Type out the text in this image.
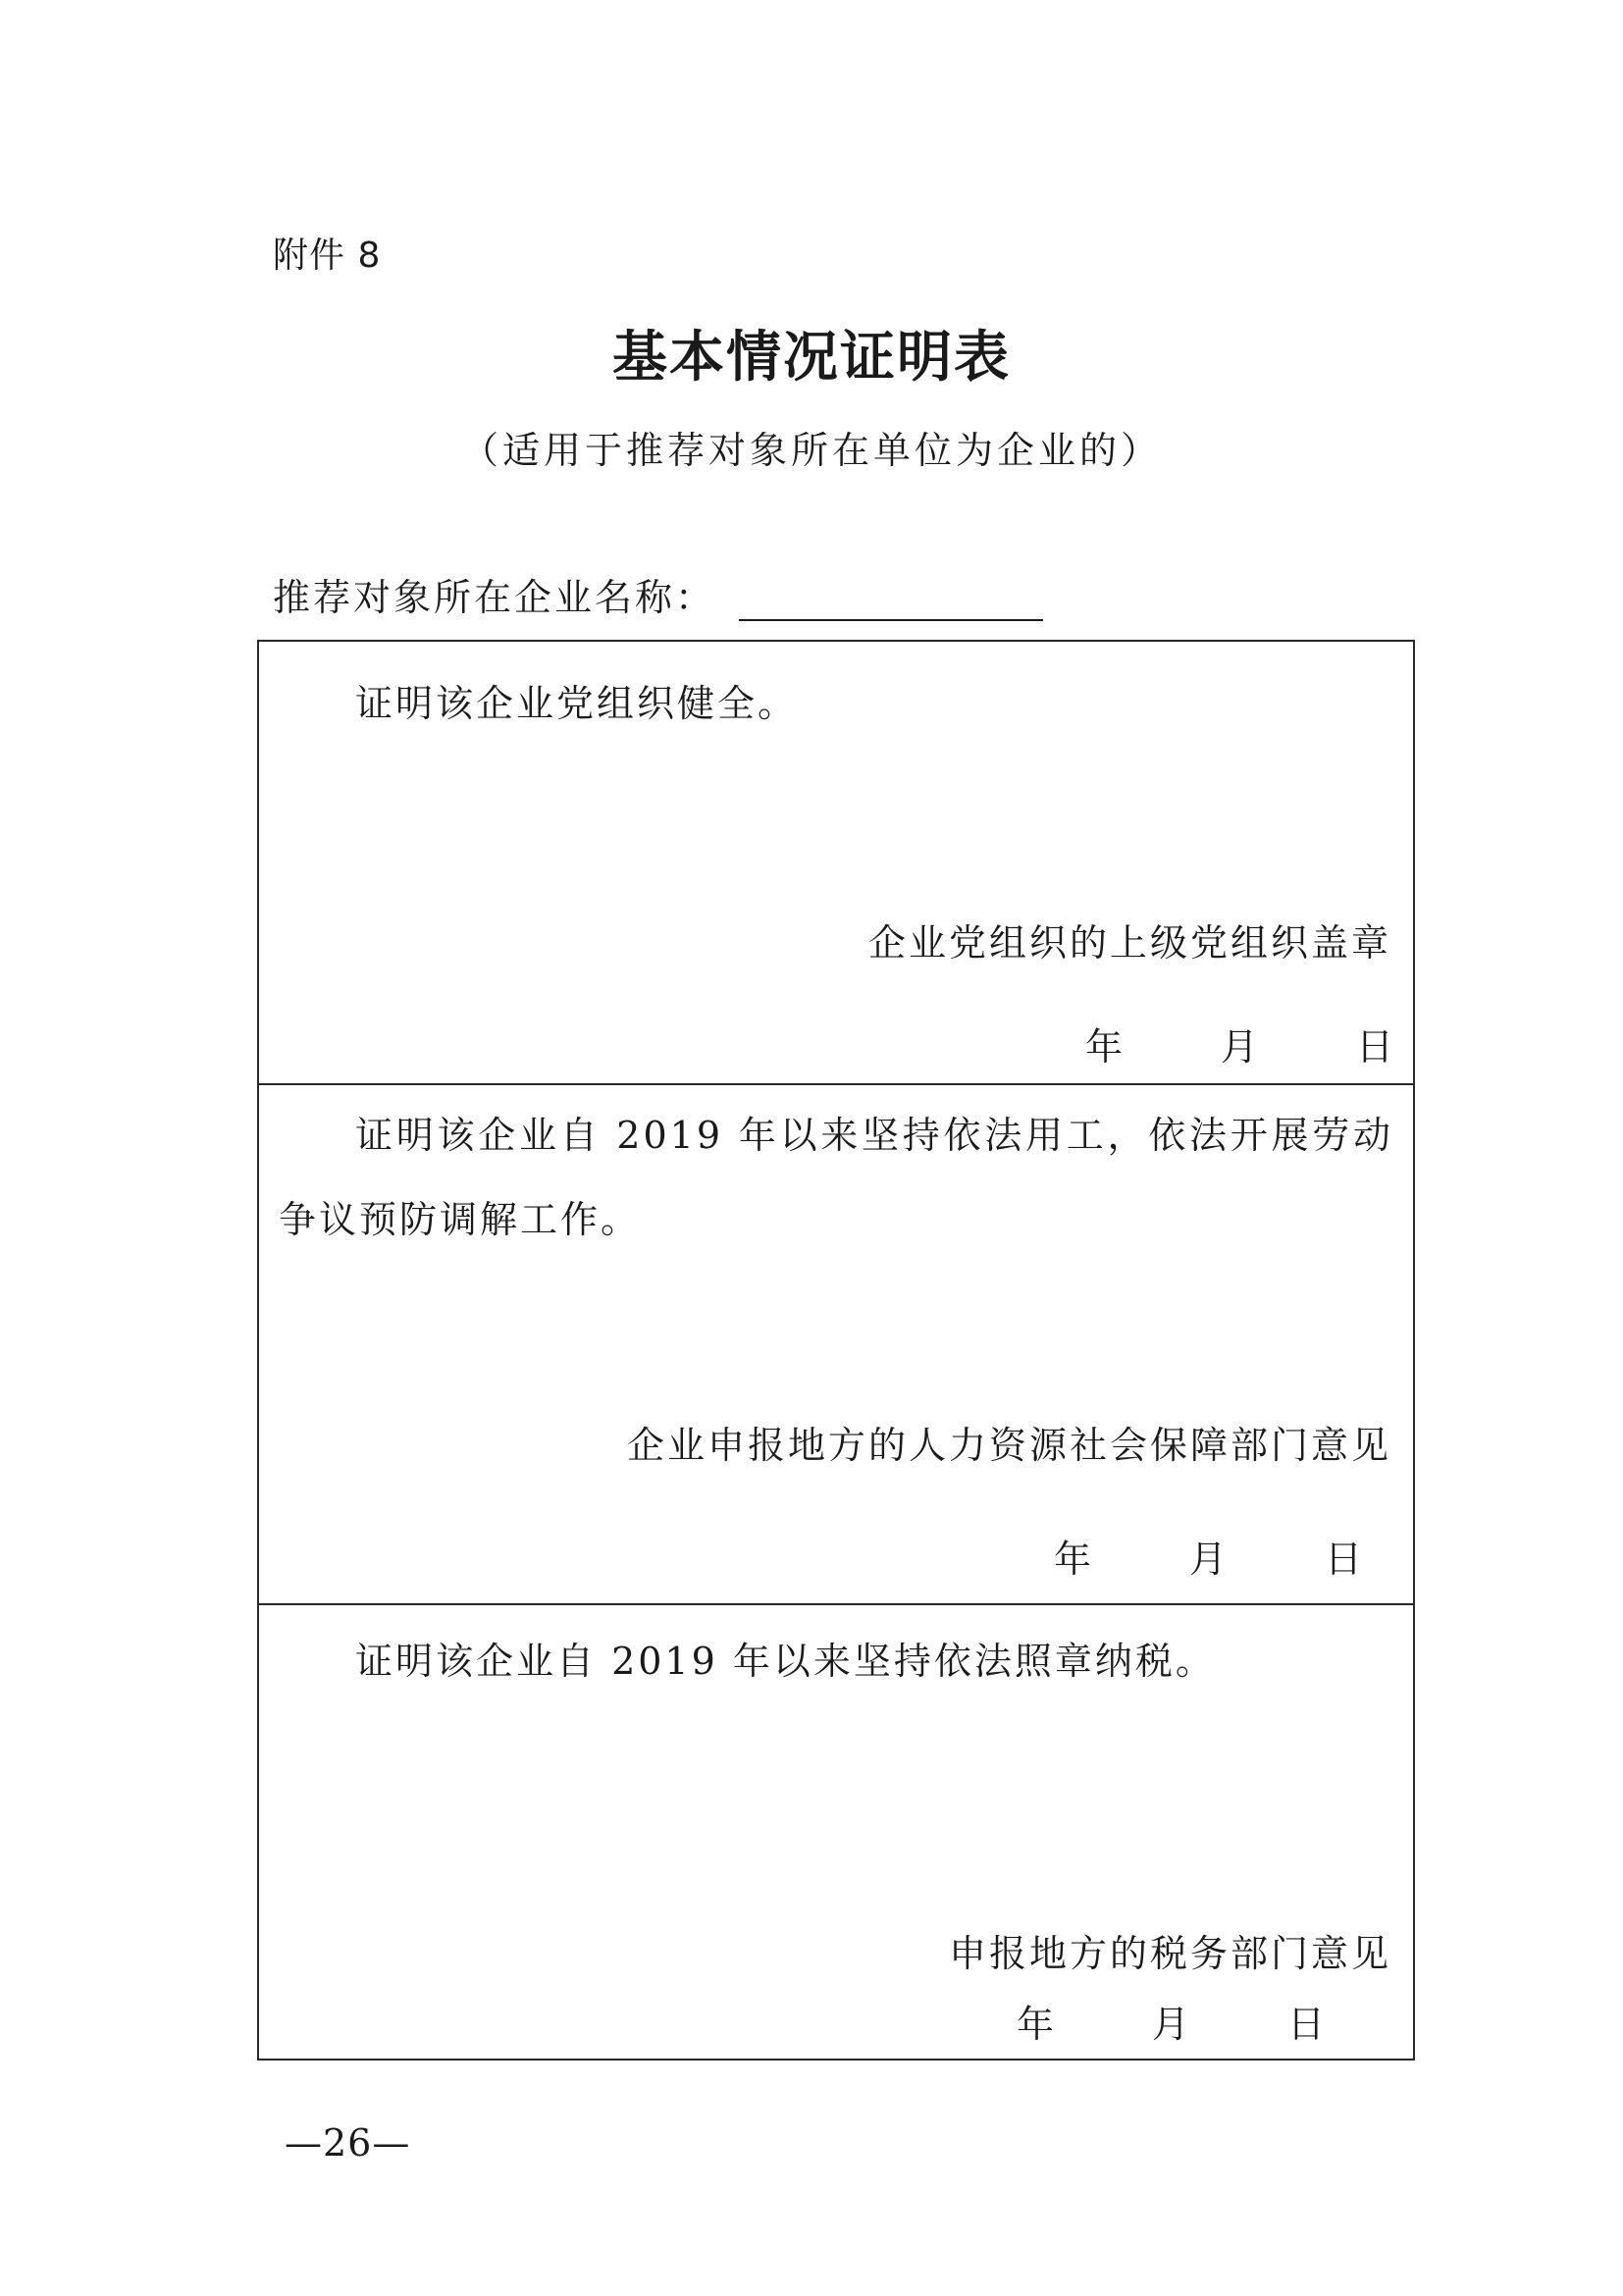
附件 8
基本情况证明表
（适用于推荐对象所在单位为企业的）
推荐对象所在企业名称：
证明该企业党组织健全。
企业党组织的上级党组织盖章
年	月	日
证明该企业自 2019 年以来坚持依法用工，依法开展劳动争议预防调解工作。
企业申报地方的人力资源社会保障部门意见
年	月	日
证明该企业自 2019 年以来坚持依法照章纳税。
申报地方的税务部门意见
年	月	日
—26—
